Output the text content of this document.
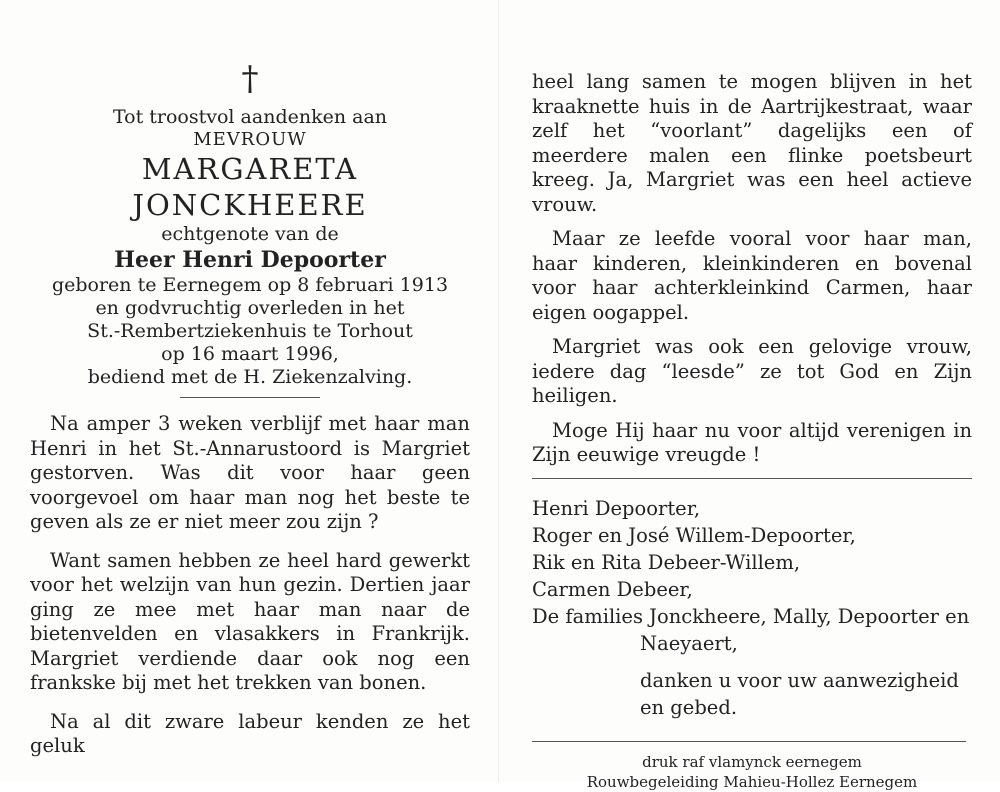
†
Tot troostvol aandenken aan
MEVROUW
MARGARETA JONCKHEERE
echtgenote van de
Heer Henri Depoorter
geboren te Eernegem op 8 februari 1913
en godvruchtig overleden in het
St.-Rembertziekenhuis te Torhout
op 16 maart 1996,
bediend met de H. Ziekenzalving.

Na amper 3 weken verblijf met haar man Henri in het St.-Annarustoord is Margriet gestorven. Was dit voor haar geen voorgevoel om haar man nog het beste te geven als ze er niet meer zou zijn ?

Want samen hebben ze heel hard gewerkt voor het welzijn van hun gezin. Dertien jaar ging ze mee met haar man naar de bietenvelden en vlasakkers in Frankrijk. Margriet verdiende daar ook nog een frankske bij met het trekken van bonen.

Na al dit zware labeur kenden ze het geluk

heel lang samen te mogen blijven in het kraaknette huis in de Aartrijkestraat, waar zelf het “voorlant” dagelijks een of meerdere malen een flinke poetsbeurt kreeg. Ja, Margriet was een heel actieve vrouw.

Maar ze leefde vooral voor haar man, haar kinderen, kleinkinderen en bovenal voor haar achterkleinkind Carmen, haar eigen oogappel.

Margriet was ook een gelovige vrouw, iedere dag “leesde” ze tot God en Zijn heiligen.

Moge Hij haar nu voor altijd verenigen in Zijn eeuwige vreugde !

Henri Depoorter,
Roger en José Willem-Depoorter,
Rik en Rita Debeer-Willem,
Carmen Debeer,
De families Jonckheere, Mally, Depoorter en
Naeyaert,
danken u voor uw aanwezigheid
en gebed.
druk raf vlamynck eernegem
Rouwbegeleiding Mahieu-Hollez Eernegem
